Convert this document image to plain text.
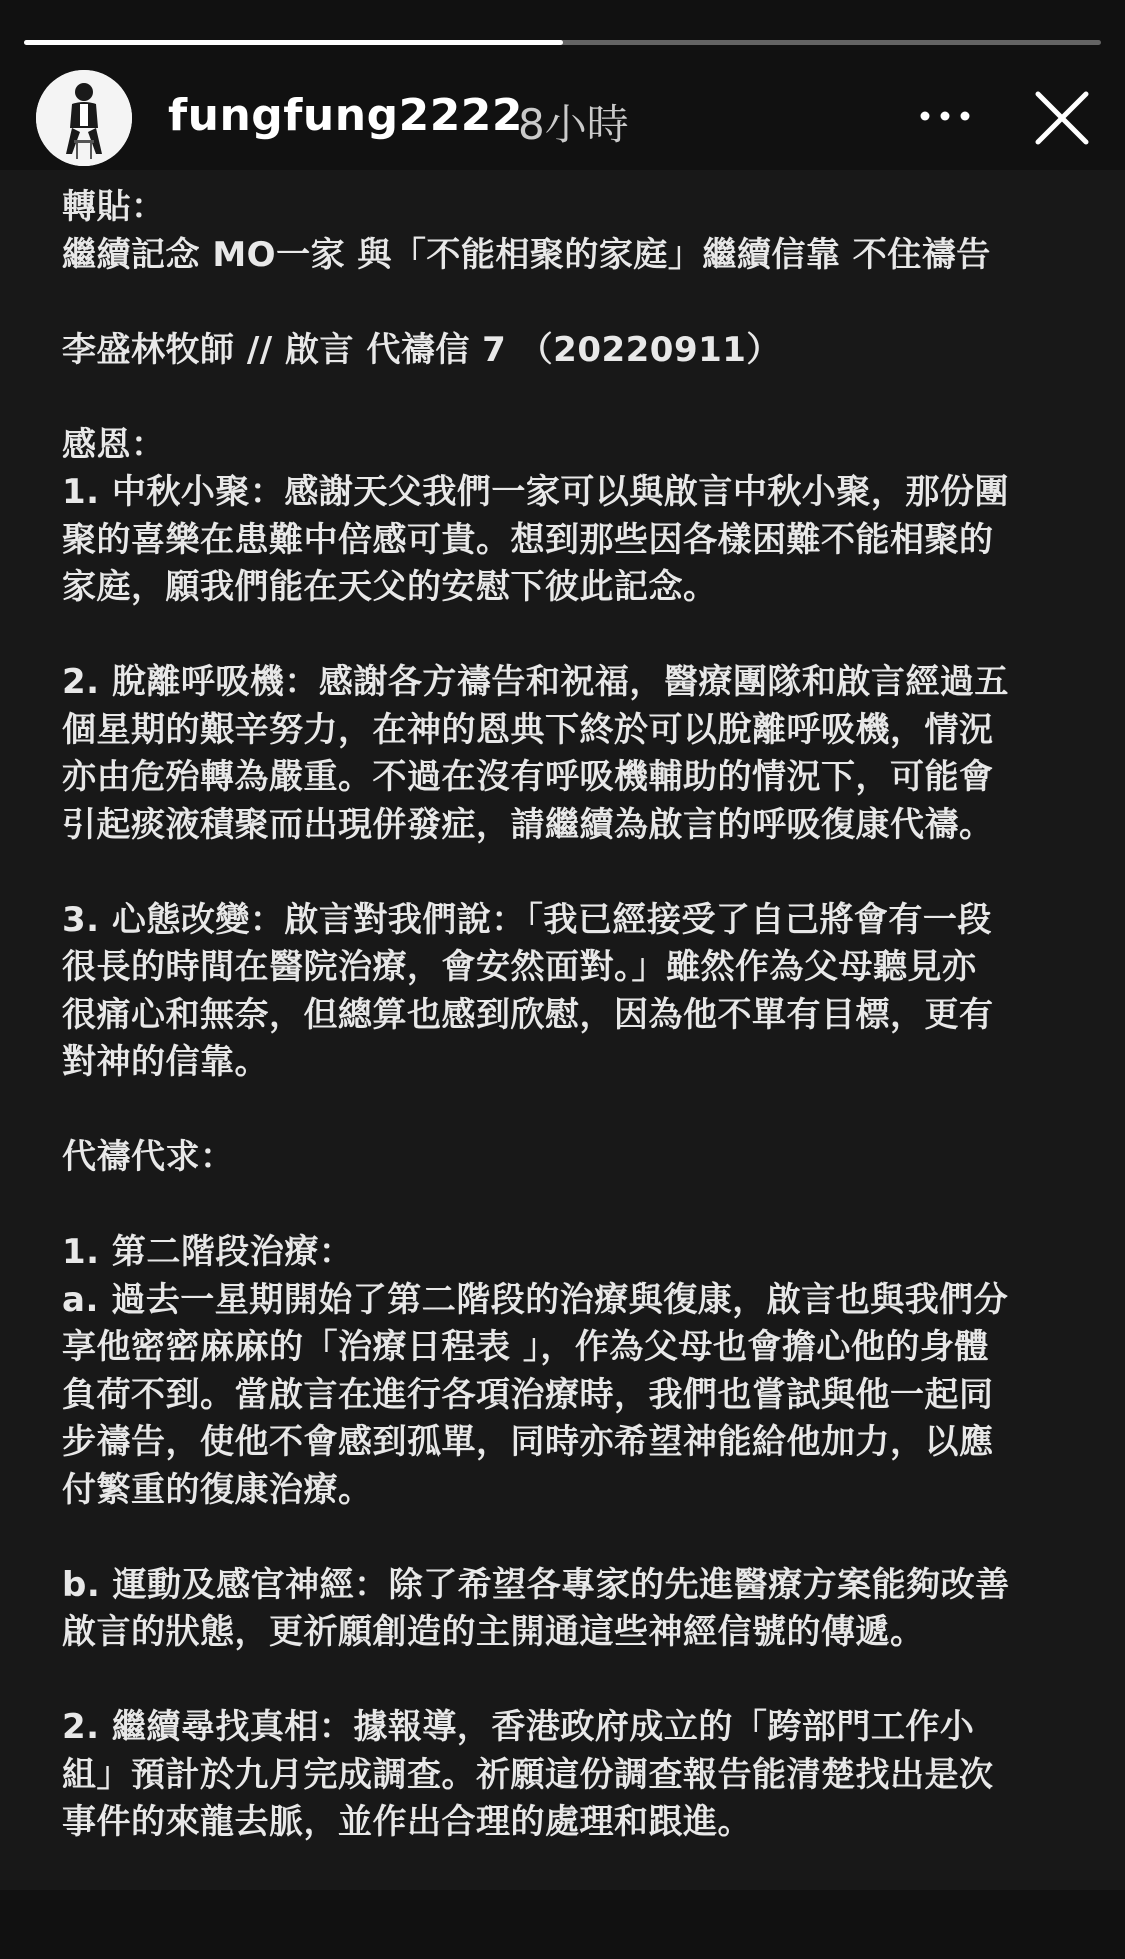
fungfung2222
8小時
轉貼：
繼續記念 MO一家 與「不能相聚的家庭」繼續信靠 不住禱告
李盛林牧師 // 啟言 代禱信 7 （20220911）
感恩：
1. 中秋小聚：感謝天父我們一家可以與啟言中秋小聚，那份團
聚的喜樂在患難中倍感可貴。想到那些因各樣困難不能相聚的
家庭，願我們能在天父的安慰下彼此記念。
2. 脫離呼吸機：感謝各方禱告和祝福，醫療團隊和啟言經過五
個星期的艱辛努力，在神的恩典下終於可以脫離呼吸機，情況
亦由危殆轉為嚴重。不過在沒有呼吸機輔助的情況下，可能會
引起痰液積聚而出現併發症，請繼續為啟言的呼吸復康代禱。
3. 心態改變：啟言對我們說：「我已經接受了自己將會有一段
很長的時間在醫院治療，會安然面對。」雖然作為父母聽見亦
很痛心和無奈，但總算也感到欣慰，因為他不單有目標，更有
對神的信靠。
代禱代求：
1. 第二階段治療：
a. 過去一星期開始了第二階段的治療與復康，啟言也與我們分
享他密密麻麻的「治療日程表 」，作為父母也會擔心他的身體
負荷不到。當啟言在進行各項治療時，我們也嘗試與他一起同
步禱告，使他不會感到孤單，同時亦希望神能給他加力，以應
付繁重的復康治療。
b. 運動及感官神經：除了希望各專家的先進醫療方案能夠改善
啟言的狀態，更祈願創造的主開通這些神經信號的傳遞。
2. 繼續尋找真相：據報導，香港政府成立的「跨部門工作小
組」預計於九月完成調查。祈願這份調查報告能清楚找出是次
事件的來龍去脈，並作出合理的處理和跟進。
